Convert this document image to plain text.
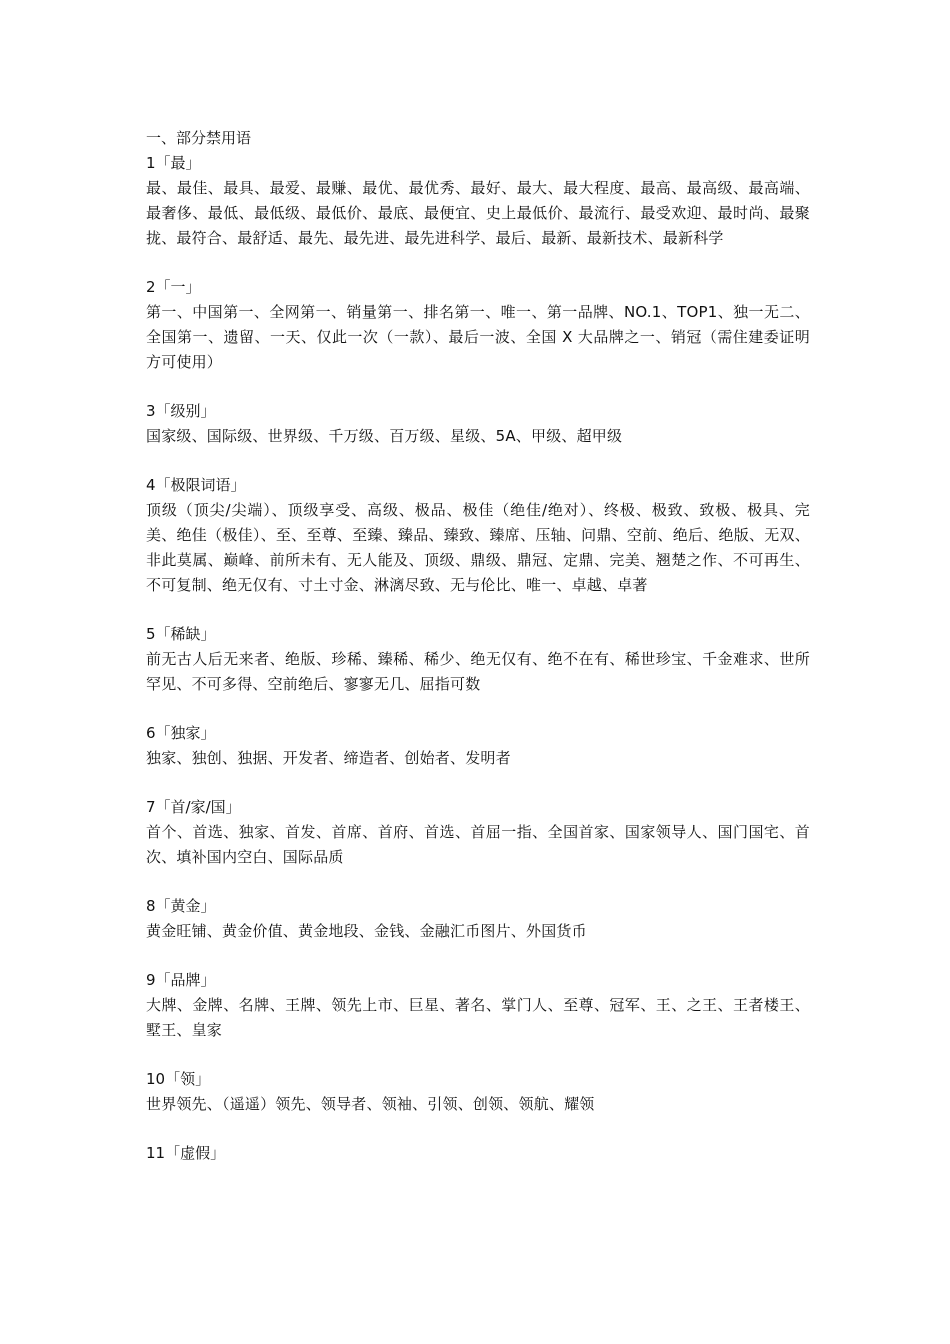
一、部分禁用语
1「最」
最、最佳、最具、最爱、最赚、最优、最优秀、最好、最大、最大程度、最高、最高级、最高端、最奢侈、最低、最低级、最低价、最底、最便宜、史上最低价、最流行、最受欢迎、最时尚、最聚拢、最符合、最舒适、最先、最先进、最先进科学、最后、最新、最新技术、最新科学
2「一」
第一、中国第一、全网第一、销量第一、排名第一、唯一、第一品牌、NO.1、TOP1、独一无二、全国第一、遗留、一天、仅此一次（一款）、最后一波、全国 X 大品牌之一、销冠（需住建委证明方可使用）
3「级别」
国家级、国际级、世界级、千万级、百万级、星级、5A、甲级、超甲级
4「极限词语」
顶级（顶尖/尖端）、顶级享受、高级、极品、极佳（绝佳/绝对）、终极、极致、致极、极具、完美、绝佳（极佳）、至、至尊、至臻、臻品、臻致、臻席、压轴、问鼎、空前、绝后、绝版、无双、非此莫属、巅峰、前所未有、无人能及、顶级、鼎级、鼎冠、定鼎、完美、翘楚之作、不可再生、不可复制、绝无仅有、寸土寸金、淋漓尽致、无与伦比、唯一、卓越、卓著
5「稀缺」
前无古人后无来者、绝版、珍稀、臻稀、稀少、绝无仅有、绝不在有、稀世珍宝、千金难求、世所罕见、不可多得、空前绝后、寥寥无几、屈指可数
6「独家」
独家、独创、独据、开发者、缔造者、创始者、发明者
7「首/家/国」
首个、首选、独家、首发、首席、首府、首选、首屈一指、全国首家、国家领导人、国门国宅、首次、填补国内空白、国际品质
8「黄金」
黄金旺铺、黄金价值、黄金地段、金钱、金融汇币图片、外国货币
9「品牌」
大牌、金牌、名牌、王牌、领先上市、巨星、著名、掌门人、至尊、冠军、王、之王、王者楼王、墅王、皇家
10「领」
世界领先、（遥遥）领先、领导者、领袖、引领、创领、领航、耀领
11「虚假」
